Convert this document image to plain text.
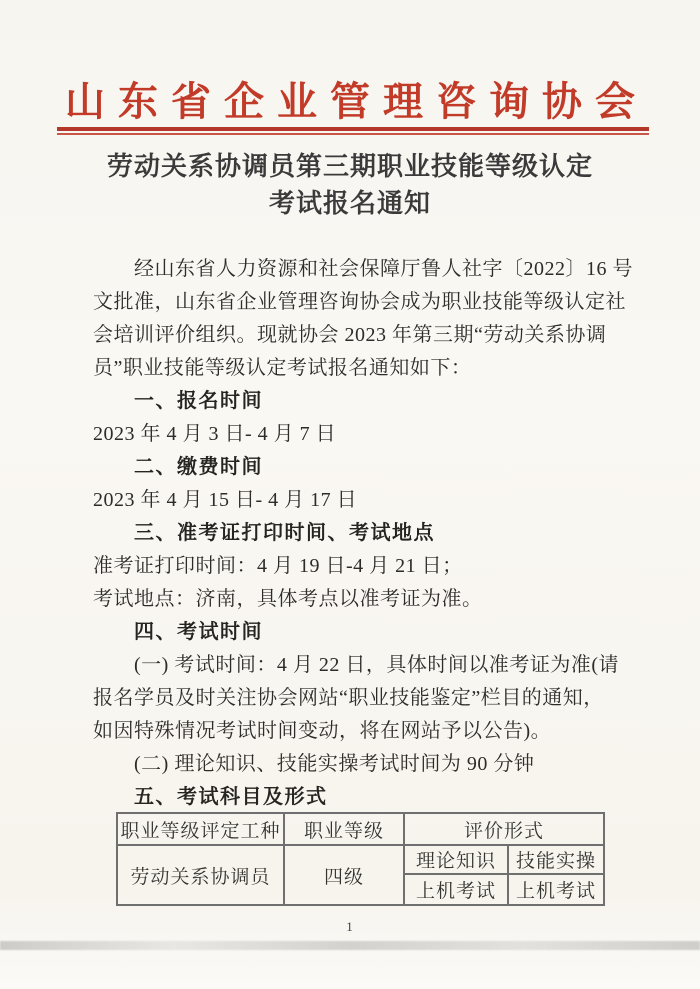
山东省企业管理咨询协会
劳动关系协调员第三期职业技能等级认定
考试报名通知
经山东省人力资源和社会保障厅鲁人社字〔2022〕16 号
文批准，山东省企业管理咨询协会成为职业技能等级认定社
会培训评价组织。现就协会 2023 年第三期“劳动关系协调
员”职业技能等级认定考试报名通知如下：
一、报名时间
2023 年 4 月 3 日- 4 月 7 日
二、缴费时间
2023 年 4 月 15 日- 4 月 17 日
三、准考证打印时间、考试地点
准考证打印时间：4 月 19 日-4 月 21 日；
考试地点：济南，具体考点以准考证为准。
四、考试时间
(一) 考试时间：4 月 22 日，具体时间以准考证为准(请
报名学员及时关注协会网站“职业技能鉴定”栏目的通知，
如因特殊情况考试时间变动，将在网站予以公告)。
(二) 理论知识、技能实操考试时间为 90 分钟
五、考试科目及形式
职业等级评定工种	职业等级	评价形式	
劳动关系协调员	四级	理论知识	技能实操
		上机考试	上机考试
1
